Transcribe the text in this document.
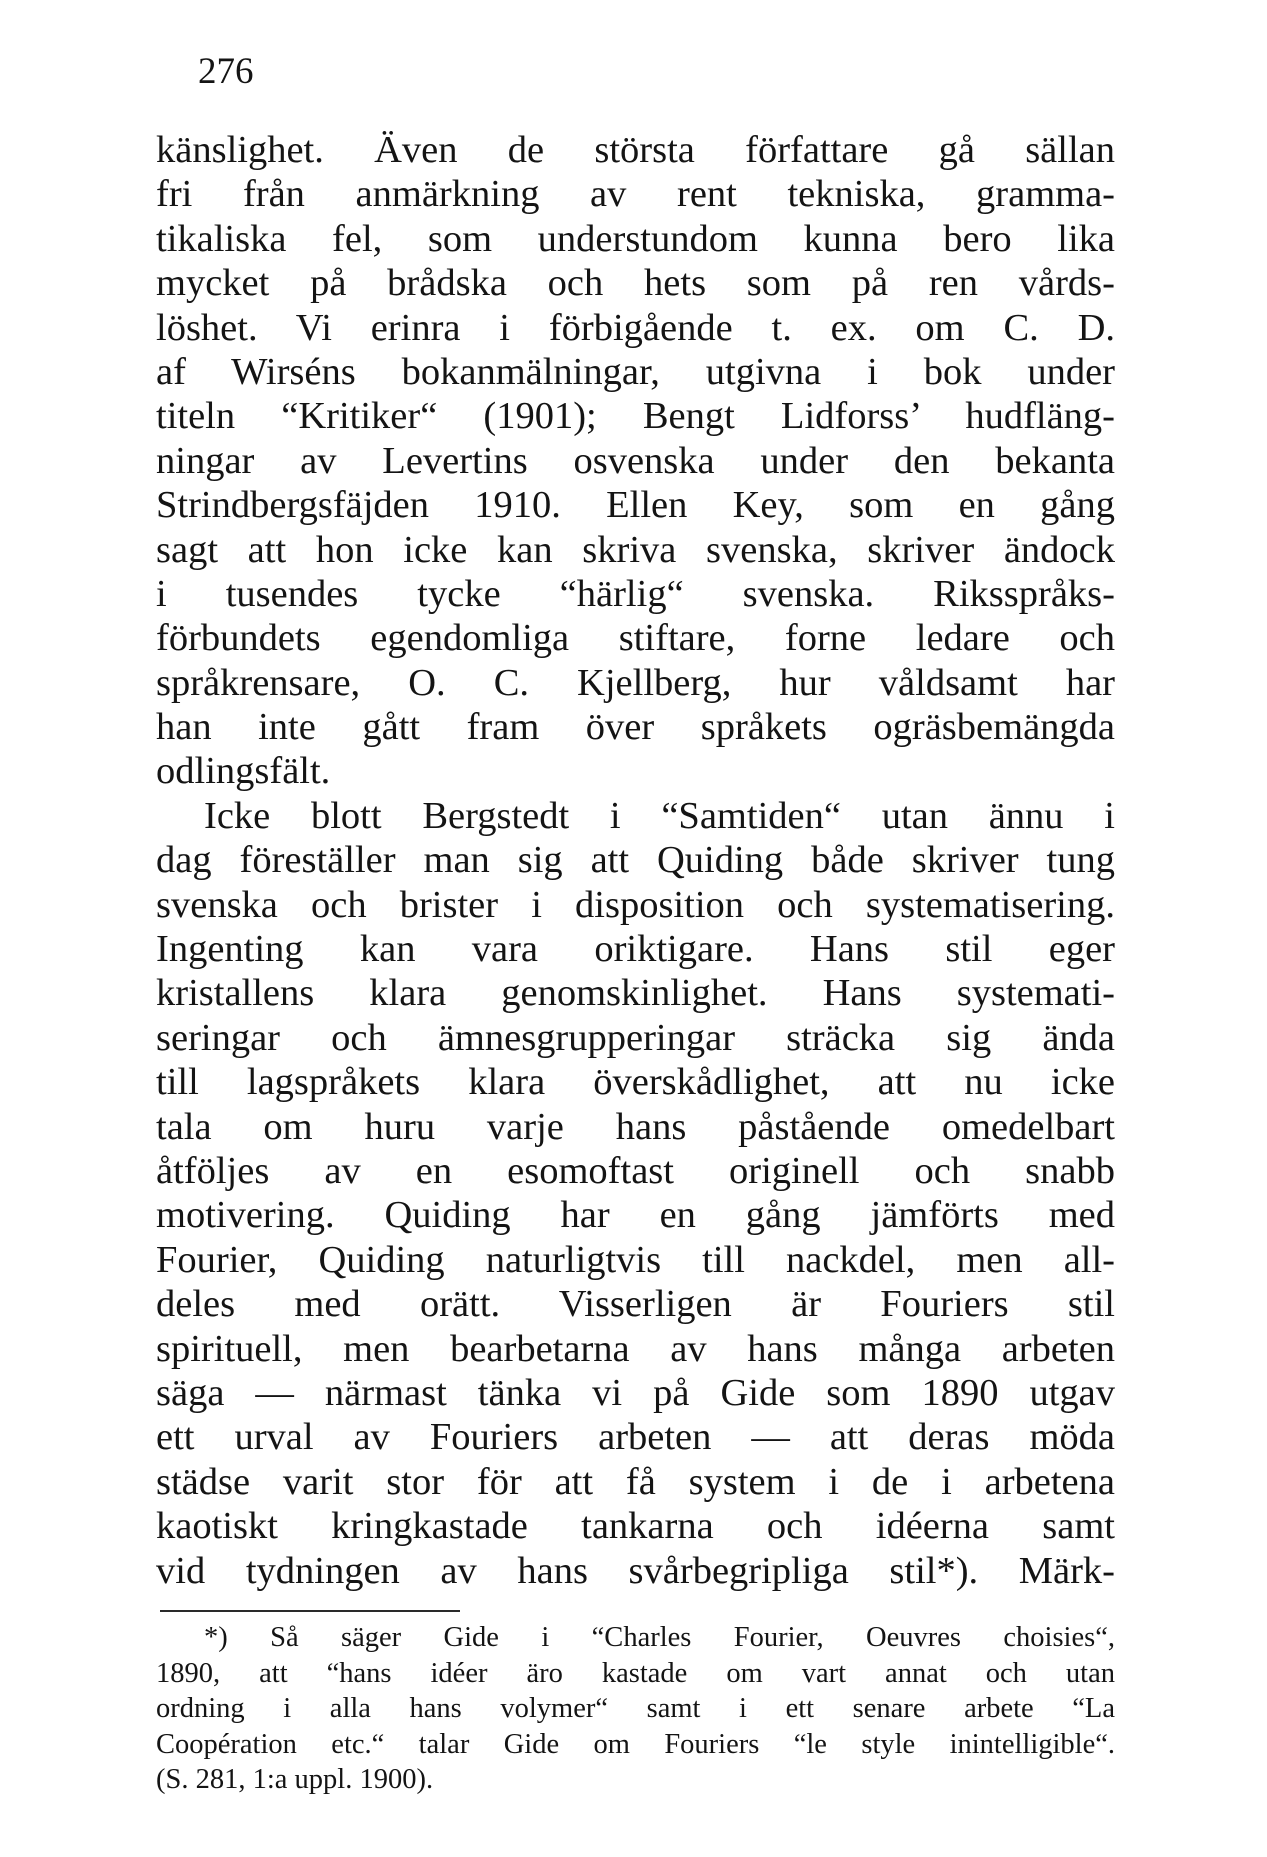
276
känslighet. Även de största författare gå sällan
fri från anmärkning av rent tekniska, gramma-
tikaliska fel, som understundom kunna bero lika
mycket på brådska och hets som på ren vårds-
löshet. Vi erinra i förbigående t. ex. om C. D.
af Wirséns bokanmälningar, utgivna i bok under
titeln “Kritiker“ (1901); Bengt Lidforss’ hudfläng-
ningar av Levertins osvenska under den bekanta
Strindbergsfäjden 1910. Ellen Key, som en gång
sagt att hon icke kan skriva svenska, skriver ändock
i tusendes tycke “härlig“ svenska. Riksspråks-
förbundets egendomliga stiftare, forne ledare och
språkrensare, O. C. Kjellberg, hur våldsamt har
han inte gått fram över språkets ogräsbemängda
odlingsfält.
Icke blott Bergstedt i “Samtiden“ utan ännu i
dag föreställer man sig att Quiding både skriver tung
svenska och brister i disposition och systematisering.
Ingenting kan vara oriktigare. Hans stil eger
kristallens klara genomskinlighet. Hans systemati-
seringar och ämnesgrupperingar sträcka sig ända
till lagspråkets klara överskådlighet, att nu icke
tala om huru varje hans påstående omedelbart
åtföljes av en esomoftast originell och snabb
motivering. Quiding har en gång jämförts med
Fourier, Quiding naturligtvis till nackdel, men all-
deles med orätt. Visserligen är Fouriers stil
spirituell, men bearbetarna av hans många arbeten
säga — närmast tänka vi på Gide som 1890 utgav
ett urval av Fouriers arbeten — att deras möda
städse varit stor för att få system i de i arbetena
kaotiskt kringkastade tankarna och idéerna samt
vid tydningen av hans svårbegripliga stil*). Märk-
*) Så säger Gide i “Charles Fourier, Oeuvres choisies“,
1890, att “hans idéer äro kastade om vart annat och utan
ordning i alla hans volymer“ samt i ett senare arbete “La
Coopération etc.“ talar Gide om Fouriers “le style inintelligible“.
(S. 281, 1:a uppl. 1900).
